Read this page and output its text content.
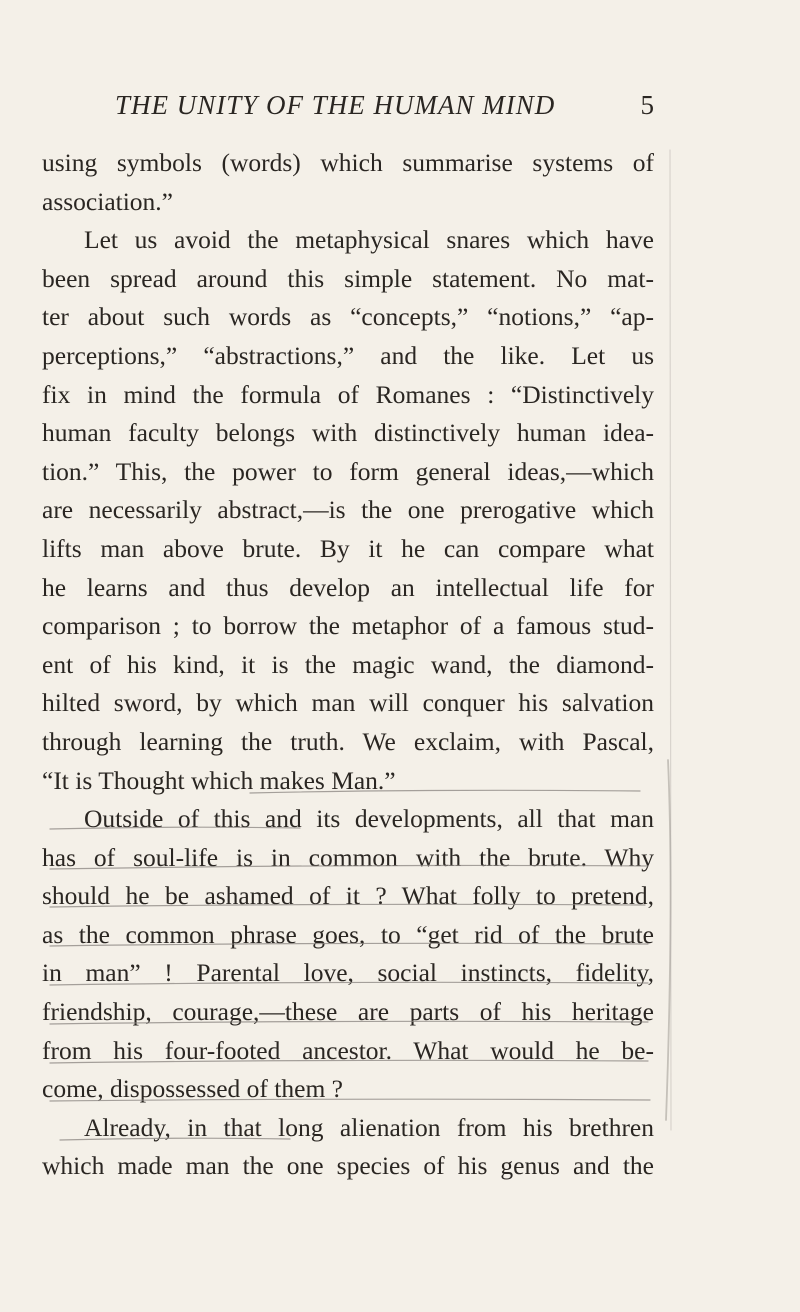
THE UNITY OF THE HUMAN MIND	5
using symbols (words) which summarise systems of
association.”
Let us avoid the metaphysical snares which have
been spread around this simple statement. No mat-
ter about such words as “concepts,” “notions,” “ap-
perceptions,” “abstractions,” and the like. Let us
fix in mind the formula of Romanes : “Distinctively
human faculty belongs with distinctively human idea-
tion.” This, the power to form general ideas,—which
are necessarily abstract,—is the one prerogative which
lifts man above brute. By it he can compare what
he learns and thus develop an intellectual life for
comparison ; to borrow the metaphor of a famous stud-
ent of his kind, it is the magic wand, the diamond-
hilted sword, by which man will conquer his salvation
through learning the truth. We exclaim, with Pascal,
“It is Thought which makes Man.”
Outside of this and its developments, all that man
has of soul-life is in common with the brute. Why
should he be ashamed of it ? What folly to pretend,
as the common phrase goes, to “get rid of the brute
in man” ! Parental love, social instincts, fidelity,
friendship, courage,—these are parts of his heritage
from his four-footed ancestor. What would he be-
come, dispossessed of them ?
Already, in that long alienation from his brethren
which made man the one species of his genus and the
